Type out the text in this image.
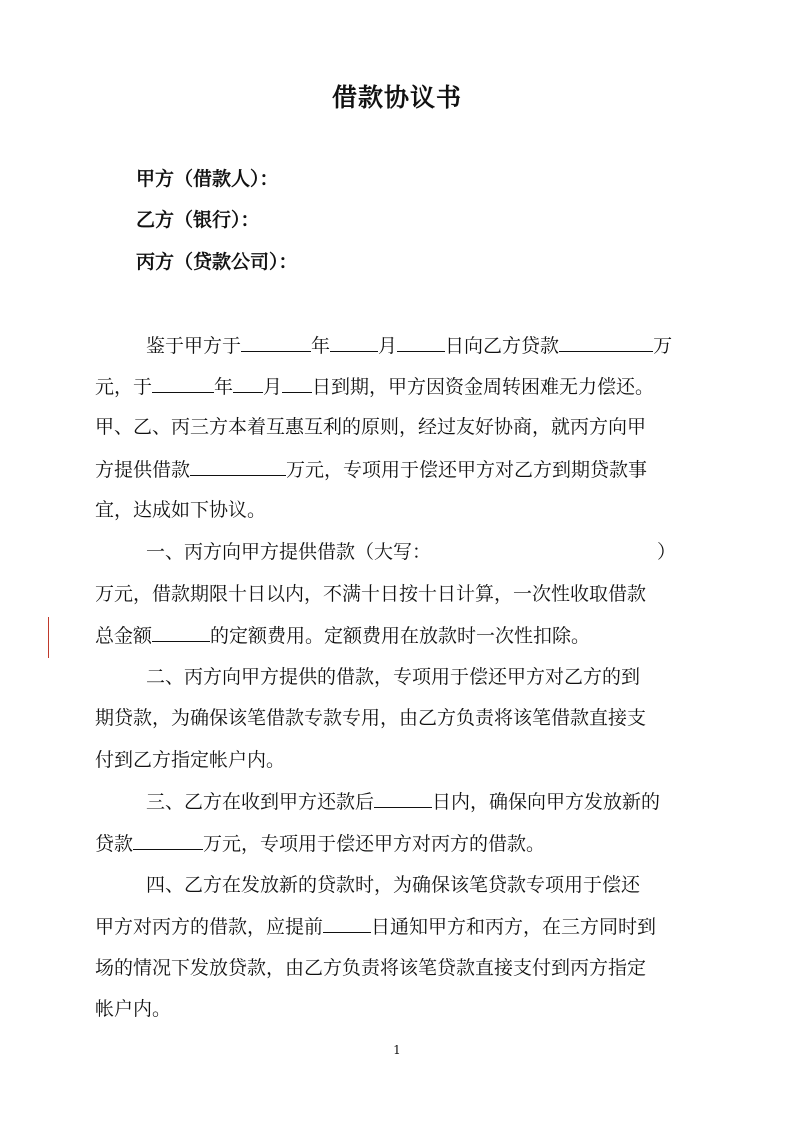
借款协议书
甲方（借款人）：
乙方（银行）：
丙方（贷款公司）：
鉴于甲方于	年	月	日向乙方贷款	万
元，于	年 月 日到期，甲方因资金周转困难无力偿还。
甲、乙、丙三方本着互惠互利的原则，经过友好协商，就丙方向甲
方提供借款	万元，专项用于偿还甲方对乙方到期贷款事
宜，达成如下协议。
一、丙方向甲方提供借款（大写：	）
万元，借款期限十日以内，不满十日按十日计算，一次性收取借款
总金额	的定额费用。定额费用在放款时一次性扣除。
二、丙方向甲方提供的借款，专项用于偿还甲方对乙方的到
期贷款，为确保该笔借款专款专用，由乙方负责将该笔借款直接支
付到乙方指定帐户内。
三、乙方在收到甲方还款后	日内，确保向甲方发放新的
贷款	万元，专项用于偿还甲方对丙方的借款。
四、乙方在发放新的贷款时，为确保该笔贷款专项用于偿还
甲方对丙方的借款，应提前	日通知甲方和丙方，在三方同时到
场的情况下发放贷款，由乙方负责将该笔贷款直接支付到丙方指定
帐户内。
1
